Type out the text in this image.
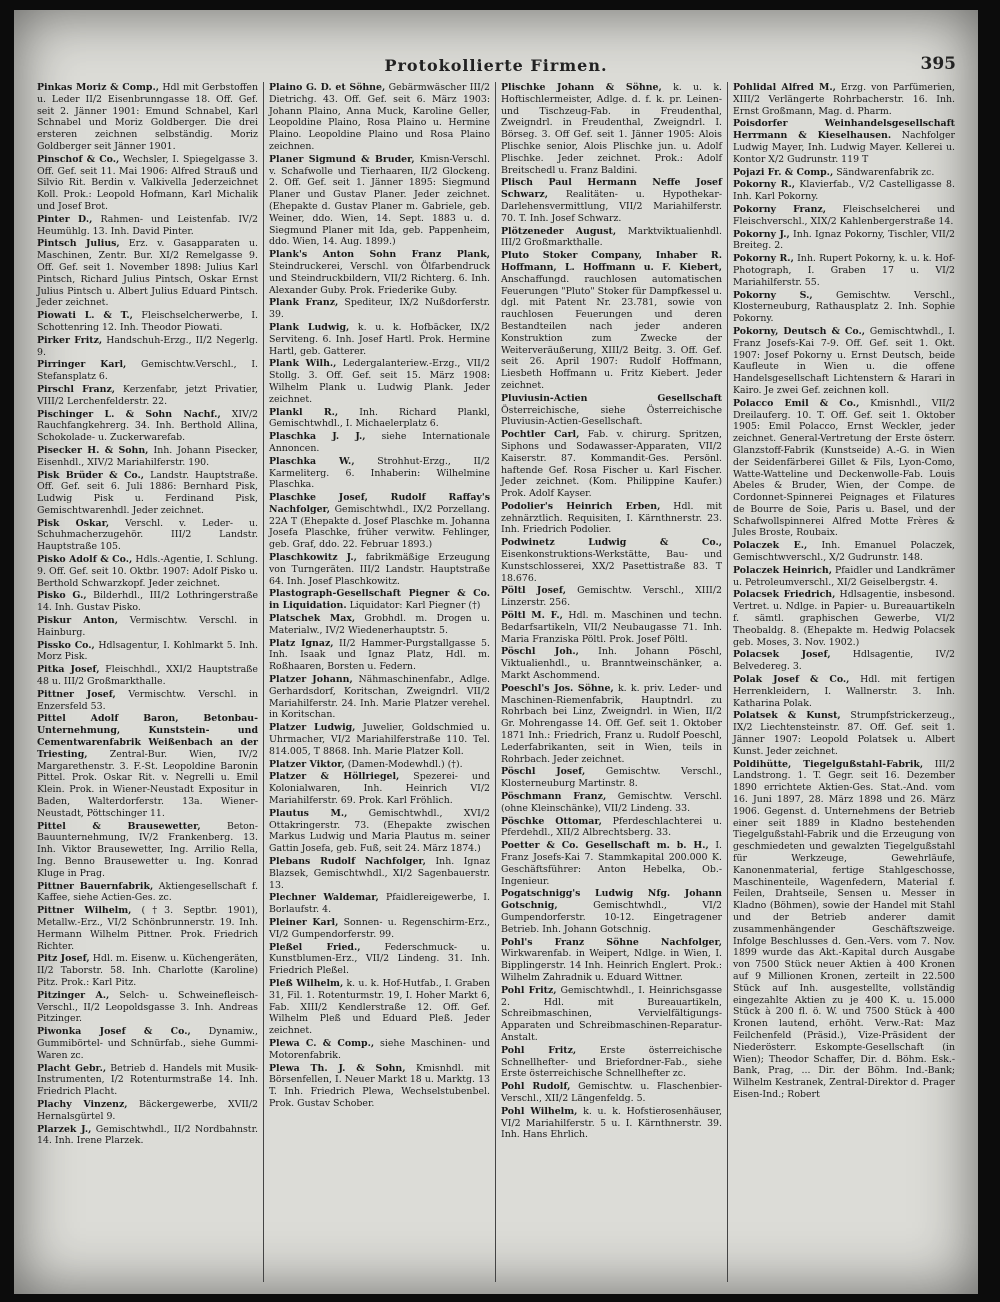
Protokollierte Firmen.	395
Pinkas Moriz & Comp., Hdl mit Gerbstoffen u. Leder II/2 Eisenbrunngasse 18. Off. Gef. seit 2. Jänner 1901: Emund Schnabel, Karl Schnabel und Moriz Goldberger. Die drei ersteren zeichnen selbständig. Moriz Goldberger seit Jänner 1901.
Pinschof & Co., Wechsler, I. Spiegelgasse 3. Off. Gef. seit 11. Mai 1906: Alfred Strauß und Silvio Rit. Berdin v. Valkivella Jederzeichnet Koll. Prok.: Leopold Hofmann, Karl Michalik und Josef Brot.
Pinter D., Rahmen- und Leistenfab. IV/2 Heumühlg. 13. Inh. David Pinter.
Pintsch Julius, Erz. v. Gasapparaten u. Maschinen, Zentr. Bur. XI/2 Remelgasse 9. Off. Gef. seit 1. November 1898: Julius Karl Pintsch, Richard Julius Pintsch, Oskar Ernst Julius Pintsch u. Albert Julius Eduard Pintsch. Jeder zeichnet.
Piowati L. & T., Fleischselcherwerbe, I. Schottenring 12. Inh. Theodor Piowati.
Pirker Fritz, Handschuh-Erzg., II/2 Negerlg. 9.
Pirringer Karl, Gemischtw.Verschl., I. Stefansplatz 6.
Pirschl Franz, Kerzenfabr, jetzt Privatier, VIII/2 Lerchenfelderstr. 22.
Pischinger L. & Sohn Nachf., XIV/2 Rauchfangkehrerg. 34. Inh. Berthold Allina, Schokolade- u. Zuckerwarefab.
Pisecker H. & Sohn, Inh. Johann Pisecker, Eisenhdl., XIV/2 Mariahilferstr. 190.
Pisk Brüder & Co., Landstr. Hauptstraße. Off. Gef. seit 6. Juli 1886: Bernhard Pisk, Ludwig Pisk u. Ferdinand Pisk, Gemischtwarenhdl. Jeder zeichnet.
Pisk Oskar, Verschl. v. Leder- u. Schuhmacherzugehör. III/2 Landstr. Hauptstraße 105.
Pisko Adolf & Co., Hdls.-Agentie, I. Schlung. 9. Off. Gef. seit 10. Oktbr. 1907: Adolf Pisko u. Berthold Schwarzkopf. Jeder zeichnet.
Pisko G., Bilderhdl., III/2 Lothringerstraße 14. Inh. Gustav Pisko.
Piskur Anton, Vermischtw. Verschl. in Hainburg.
Pissko Co., Hdlsagentur, I. Kohlmarkt 5. Inh. Morz Pisk.
Pitka Josef, Fleischhdl., XXI/2 Hauptstraße 48 u. III/2 Großmarkthalle.
Pittner Josef, Vermischtw. Verschl. in Enzersfeld 53.
Pittel Adolf Baron, Betonbau-Unternehmung, Kunststein- und Cementwarenfabrik Weißenbach an der Triesting, Zentral-Bur. Wien, IV/2 Margarethenstr. 3. F.-St. Leopoldine Baronin Pittel. Prok. Oskar Rit. v. Negrelli u. Emil Klein. Prok. in Wiener-Neustadt Expositur in Baden, Walterdorferstr. 13a. Wiener-Neustadt, Pöttschinger 11.
Pittel & Brausewetter,	Beton-Bauunternehmung, IV/2 Frankenberg. 13. Inh. Viktor Brausewetter, Ing. Arrilio Rella, Ing. Benno Brausewetter u. Ing. Konrad Kluge in Prag.
Pittner Bauernfabrik, Aktiengesellschaft f. Kaffee, siehe Actien-Ges. zc.
Pittner Wilhelm, (†3. Septbr. 1901), Metallw.-Erz., VI/2 Schönbrunnerstr. 19. Inh. Hermann Wilhelm Pittner. Prok. Friedrich Richter.
Pitz Josef, Hdl. m. Eisenw. u. Küchengeräten, II/2 Taborstr. 58. Inh. Charlotte (Karoline) Pitz. Prok.: Karl Pitz.
Pitzinger A., Selch- u. Schweinefleisch-Verschl., II/2 Leopoldsgasse 3. Inh. Andreas Pitzinger.
Piwonka Josef & Co., Dynamiw., Gummibörtel- und Schnürfab., siehe Gummi-Waren zc.
Placht Gebr., Betrieb d. Handels mit Musik-Instrumenten, I/2 Rotenturmstraße 14. Inh. Friedrich Placht.
Plachy Vinzenz, Bäckergewerbe, XVII/2 Hernalsgürtel 9.
Plarzek J., Gemischtwhdl., II/2 Nordbahnstr. 14. Inh. Irene Plarzek.
Plaino G. D. et Söhne, Gebärmwäscher III/2 Dietrichg. 43. Off. Gef. seit 6. März 1903: Johann Plaino, Anna Muck, Karoline Geller, Leopoldine Plaino, Rosa Plaino u. Hermine Plaino. Leopoldine Plaino und Rosa Plaino zeichnen.
Planer Sigmund & Bruder, Kmisn-Verschl. v. Schafwolle und Tierhaaren, II/2 Glockeng. 2. Off. Gef. seit 1. Jänner 1895: Siegmund Planer und Gustav Planer. Jeder zeichnet. (Ehepakte d. Gustav Planer m. Gabriele, geb. Weiner, ddo. Wien, 14. Sept. 1883 u. d. Siegmund Planer mit Ida, geb. Pappenheim, ddo. Wien, 14. Aug. 1899.)
Plank's Anton Sohn Franz Plank, Steindruckerei, Verschl. von Ölfarbendruck und Steindruckbildern, VII/2 Richterg. 6. Inh. Alexander Guby. Prok. Friederike Guby.
Plank Franz, Spediteur, IX/2 Nußdorferstr. 39.
Plank Ludwig, k. u. k. Hofbäcker, IX/2 Serviteng. 6. Inh. Josef Hartl. Prok. Hermine Hartl, geb. Gatterer.
Plank Wilh., Ledergalanteriew.-Erzg., VII/2 Stollg. 3. Off. Gef. seit 15. März 1908: Wilhelm Plank u. Ludwig Plank. Jeder zeichnet.
Plankl R., Inh. Richard Plankl, Gemischtwhdl., I. Michaelerplatz 6.
Plaschka J. J., siehe Internationale Annoncen.
Plaschka W., Strohhut-Erzg., II/2 Karmeliterg. 6. Inhaberin: Wilhelmine Plaschka.
Plaschke Josef, Rudolf Raffay's Nachfolger, Gemischtwhdl., IX/2 Porzellang. 22A T (Ehepakte d. Josef Plaschke m. Johanna Josefa Plaschke, früher verwitw. Fehlinger, geb. Graf, ddo. 22. Februar 1893.)
Plaschkowitz J., fabrikmäßige Erzeugung von Turngeräten. III/2 Landstr. Hauptstraße 64. Inh. Josef Plaschkowitz.
Plastograph-Gesellschaft Piegner & Co. in Liquidation. Liquidator: Karl Piegner (†)
Platschek Max, Grobhdl. m. Drogen u. Materialw., IV/2 Wiedenerhauptstr. 5.
Platz Ignaz, II/2 Hammer-Purgstallgasse 5. Inh. Isaak und Ignaz Platz, Hdl. m. Roßhaaren, Borsten u. Federn.
Platzer Johann, Nähmaschinenfabr., Adlge. Gerhardsdorf, Koritschan, Zweigndrl. VII/2 Mariahilferstr. 24. Inh. Marie Platzer verehel. in Koritschan.
Platzer Ludwig, Juwelier, Goldschmied u. Uhrmacher, VI/2 Mariahilferstraße 110. Tel. 814.005, T 8868. Inh. Marie Platzer Koll.
Platzer Viktor, (Damen-Modewhdl.) (†).
Platzer & Höllriegel, Spezerei- und Kolonialwaren, Inh. Heinrich VI/2 Mariahilferstr. 69. Prok. Karl Fröhlich.
Plautus M., Gemischtwhdl., XVI/2 Ottakringerstr. 73. (Ehepakte zwischen Markus Ludwig und Maria Plautus m. seiner Gattin Josefa, geb. Fuß, seit 24. März 1874.)
Plebans Rudolf Nachfolger, Inh. Ignaz Blazsek, Gemischtwhdl., XI/2 Sagenbauerstr. 13.
Plechner Waldemar, Pfaidlereigewerbe, I. Borlaufstr. 4.
Pleiner Karl, Sonnen- u. Regenschirm-Erz., VI/2 Gumpendorferstr. 99.
Pleßel Fried.,	Federschmuck- u. Kunstblumen-Erz., VII/2 Lindeng. 31. Inh. Friedrich Pleßel.
Pleß Wilhelm, k. u. k. Hof-Hutfab., I. Graben 31, Fil. 1. Rotenturmstr. 19, I. Hoher Markt 6, Fab. XIII/2 Kendlerstraße 12. Off. Gef. Wilhelm Pleß und Eduard Pleß. Jeder zeichnet.
Plewa C. & Comp., siehe Maschinen- und Motorenfabrik.
Plewa Th. J. & Sohn, Kmisnhdl. mit Börsenfellen, I. Neuer Markt 18 u. Marktg. 13 T. Inh. Friedrich Plewa, Wechselstubenbel. Prok. Gustav Schober.
Plischke Johann & Söhne, k. u. k. Hoftischlermeister, Adlge. d. f. k. pr. Leinen- und Tischzeug-Fab. in Freudenthal, Zweigndrl. in Freudenthal, Zweigndrl. I. Börseg. 3. Off Gef. seit 1. Jänner 1905: Alois Plischke senior, Alois Plischke jun. u. Adolf Plischke. Jeder zeichnet. Prok.: Adolf Breitschedl u. Franz Baldini.
Plisch Paul Hermann Neffe Josef Schwarz, Realitäten- u. Hypothekar-Darlehensvermittlung, VII/2 Mariahilferstr. 70. T. Inh. Josef Schwarz.
Plötzeneder August, Marktviktualienhdl. III/2 Großmarkthalle.
Pluto Stoker Company, Inhaber R. Hoffmann, L. Hoffmann u. F. Kiebert, Anschaffungd. rauchlosen automatischen Feuerungen "Pluto" Stoker für Dampfkessel u. dgl. mit Patent Nr. 23.781, sowie von rauchlosen Feuerungen und deren Bestandteilen nach jeder anderen Konstruktion zum Zwecke der Weiterveräußerung, XIII/2 Beitg. 3. Off. Gef. seit 26. April 1907: Rudolf Hoffmann, Liesbeth Hoffmann u. Fritz Kiebert. Jeder zeichnet.
Pluviusin-Actien Gesellschaft Österreichische, siehe Österreichische Pluviusin-Actien-Gesellschaft.
Pochtler Carl, Fab. v. chirurg. Spritzen, Siphons und Sodawasser-Apparaten, VII/2 Kaiserstr. 87. Kommandit-Ges. Persönl. haftende Gef. Rosa Fischer u. Karl Fischer. Jeder zeichnet. (Kom. Philippine Kaufer.) Prok. Adolf Kayser.
Podolier's Heinrich Erben, Hdl. mit zehnärztlich. Requisiten, I. Kärnthnerstr. 23. Inh. Friedrich Podolier.
Podwinetz Ludwig & Co., Eisenkonstruktions-Werkstätte, Bau- und Kunstschlosserei, XX/2 Pasettistraße 83. T 18.676.
Pöltl Josef, Gemischtw. Verschl., XIII/2 Linzerstr. 256.
Pöltl M. F., Hdl. m. Maschinen und techn. Bedarfsartikeln, VII/2 Neubaugasse 71. Inh. Maria Franziska Pöltl. Prok. Josef Pöltl.
Pöschl Joh., Inh. Johann Pöschl, Viktualienhdl., u. Branntweinschänker, a. Markt Aschommend.
Poeschl's Jos. Söhne, k. k. priv. Leder- und Maschinen-Riemenfabrik, Hauptndrl. zu Rohrbach bei Linz, Zweigndrl. in Wien, II/2 Gr. Mohrengasse 14. Off. Gef. seit 1. Oktober 1871 Inh.: Friedrich, Franz u. Rudolf Poeschl, Lederfabrikanten, seit in Wien, teils in Rohrbach. Jeder zeichnet.
Pöschl Josef, Gemischtw. Verschl., Klosterneuburg Martinstr. 8.
Pöschmann Franz, Gemischtw. Verschl. (ohne Kleinschänke), VII/2 Lindeng. 33.
Pöschke Ottomar, Pferdeschlachterei u. Pferdehdl., XII/2 Albrechtsberg. 33.
Poetter & Co. Gesellschaft m. b. H., I. Franz Josefs-Kai 7. Stammkapital 200.000 K. Geschäftsführer: Anton Hebelka, Ob.-Ingenieur.
Pogatschnigg's Ludwig Nfg. Johann Gotschnig,	Gemischtwhdl., VI/2 Gumpendorferstr. 10-12. Eingetragener Betrieb. Inh. Johann Gotschnig.
Pohl's Franz Söhne Nachfolger, Wirkwarenfab. in Weipert, Ndlge. in Wien, I. Bipplingerstr. 14 Inh. Heinrich Englert. Prok.: Wilhelm Zahradnik u. Eduard Wittner.
Pohl Fritz, Gemischtwhdl., I. Heinrichsgasse 2. Hdl. mit Bureauartikeln, Schreibmaschinen, Vervielfältigungs-Apparaten und Schreibmaschinen-Reparatur-Anstalt.
Pohl Fritz,	Erste österreichische Schnellhefter- und Briefordner-Fab., siehe Erste österreichische Schnellhefter zc.
Pohl Rudolf, Gemischtw. u. Flaschenbier-Verschl., XII/2 Längenfeldg. 5.
Pohl Wilhelm, k. u. k. Hofstierosenhäuser, VI/2 Mariahilferstr. 5 u. I. Kärnthnerstr. 39. Inh. Hans Ehrlich.
Pohlidal Alfred M., Erzg. von Parfümerien, XIII/2 Verlängerte Rohrbacherstr. 16. Inh. Ernst Großmann, Mag. d. Pharm.
Poisdorfer Weinhandelsgesellschaft Herrmann & Kieselhausen. Nachfolger Ludwig Mayer, Inh. Ludwig Mayer. Kellerei u. Kontor X/2 Gudrunstr. 119 T
Pojazi Fr. & Comp., Sändwarenfabrik zc.
Pokorny R., Klavierfab., V/2 Castelligasse 8. Inh. Karl Pokorny.
Pokorny Franz, Fleischselcherei und Fleischverschl., XIX/2 Kahlenbergerstraße 14.
Pokorny J., Inh. Ignaz Pokorny, Tischler, VII/2 Breiteg. 2.
Pokorny R., Inh. Rupert Pokorny, k. u. k. Hof-Photograph, I. Graben 17 u. VI/2 Mariahilferstr. 55.
Pokorny S., Gemischtw. Verschl., Klosterneuburg, Rathausplatz 2. Inh. Sophie Pokorny.
Pokorny, Deutsch & Co., Gemischtwhdl., I. Franz Josefs-Kai 7-9. Off. Gef. seit 1. Okt. 1907: Josef Pokorny u. Ernst Deutsch, beide Kaufleute in Wien u. die offene Handelsgesellschaft Lichtenstern & Harari in Kairo. Je zwei Gef. zeichnen koll.
Polacco Emil & Co., Kmisnhdl., VII/2 Dreilauferg. 10. T. Off. Gef. seit 1. Oktober 1905: Emil Polacco, Ernst Weckler, jeder zeichnet. General-Vertretung der Erste österr. Glanzstoff-Fabrik (Kunstseide) A.-G. in Wien der Seidenfärberei Gillet & Fils, Lyon-Como, Watte-Watteline und Deckenwolle-Fab. Louis Abeles & Bruder, Wien, der Compe. de Cordonnet-Spinnerei Peignages et Filatures de Bourre de Soie, Paris u. Basel, und der Schafwollspinnerei Alfred Motte Frères & Jules Broste, Roubaix.
Polaczek E., Inh. Emanuel Polaczek, Gemischtwverschl., X/2 Gudrunstr. 148.
Polaczek Heinrich, Pfaidler und Landkrämer u. Petroleumverschl., XI/2 Geiselbergstr. 4.
Polacsek Friedrich, Hdlsagentie, insbesond. Vertret. u. Ndlge. in Papier- u. Bureauartikeln f. sämtl. graphischen Gewerbe, VI/2 Theobaldg. 8. (Ehepakte m. Hedwig Polacsek geb. Moses, 3. Nov. 1902.)
Polacsek Josef, Hdlsagentie, IV/2 Belvedereg. 3.
Polak Josef & Co., Hdl. mit fertigen Herrenkleidern, I. Wallnerstr. 3. Inh. Katharina Polak.
Polatsek & Kunst, Strumpfstrickerzeug., IX/2 Liechtensteinstr. 87. Off. Gef. seit 1. Jänner 1907: Leopold Polatsek u. Albert Kunst. Jeder zeichnet.
Poldihütte, Tiegelgußstahl-Fabrik, III/2 Landstrong. 1. T. Gegr. seit 16. Dezember 1890 errichtete Aktien-Ges. Stat.-And. vom 16. Juni 1897, 28. März 1898 und 26. März 1906. Gegenst. d. Unternehmens der Betrieb einer seit 1889 in Kladno bestehenden Tiegelgußstahl-Fabrik und die Erzeugung von geschmiedeten und gewalzten Tiegelgußstahl für Werkzeuge, Gewehrläufe, Kanonenmaterial, fertige Stahlgeschosse, Maschinenteile, Wagenfedern, Material f. Feilen, Drahtseile, Sensen u. Messer in Kladno (Böhmen), sowie der Handel mit Stahl und der Betrieb anderer damit zusammenhängender Geschäftszweige. Infolge Beschlusses d. Gen.-Vers. vom 7. Nov. 1899 wurde das Akt.-Kapital durch Ausgabe von 7500 Stück neuer Aktien à 400 Kronen auf 9 Millionen Kronen, zerteilt in 22.500 Stück auf Inh. ausgestellte, vollständig eingezahlte Aktien zu je 400 K. u. 15.000 Stück à 200 fl. ö. W. und 7500 Stück à 400 Kronen lautend, erhöht. Verw.-Rat: Maz Feilchenfeld (Präsid.), Vize-Präsident der Niederösterr. Eskompte-Gesellschaft (in Wien); Theodor Schaffer, Dir. d. Böhm. Esk.-Bank, Prag, ... Dir. der Böhm. Ind.-Bank; Wilhelm Kestranek, Zentral-Direktor d. Prager Eisen-Ind.; Robert
